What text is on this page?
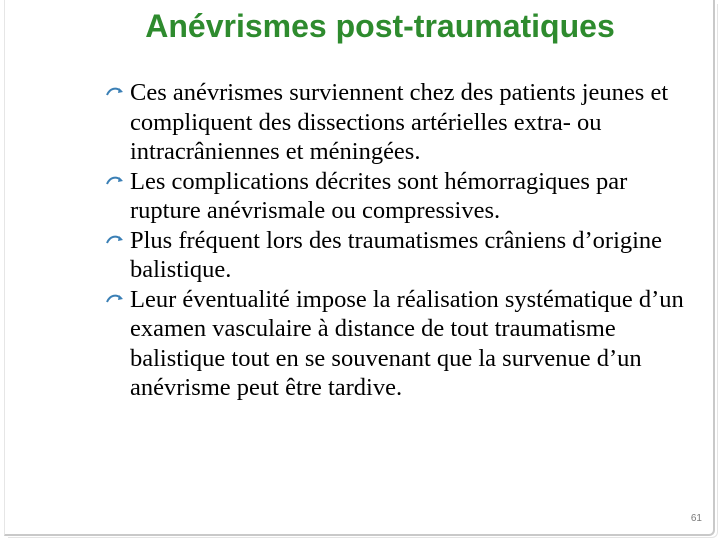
Anévrismes post-traumatiques
Ces anévrismes surviennent chez des patients jeunes et compliquent des dissections artérielles extra- ou intracrâniennes et méningées.
Les complications décrites sont hémorragiques par rupture anévrismale ou compressives.
Plus fréquent lors des traumatismes crâniens d’origine balistique.
Leur éventualité impose la réalisation systématique d’un examen vasculaire à distance de tout traumatisme balistique tout en se souvenant que la survenue d’un anévrisme peut être tardive.
61
